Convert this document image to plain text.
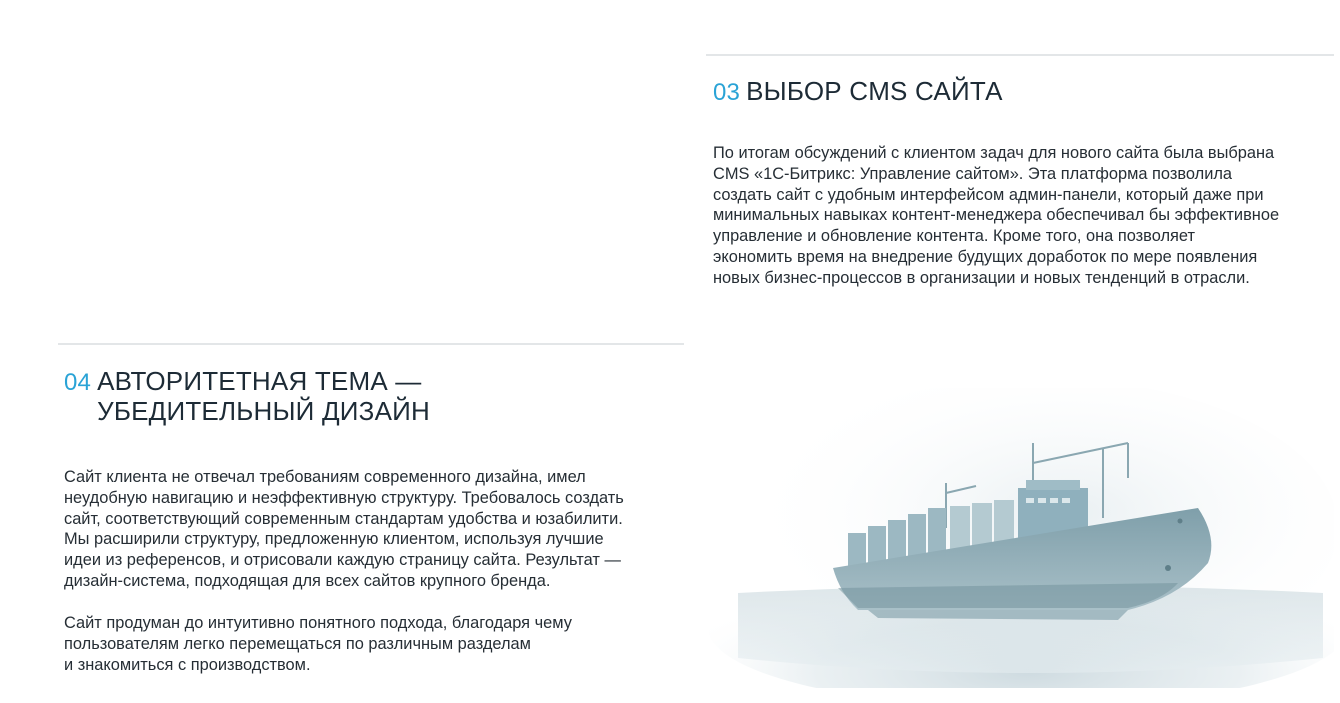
03 ВЫБОР CMS САЙТА

По итогам обсуждений с клиентом задач для нового сайта была выбрана
CMS «1С-Битрикс: Управление сайтом». Эта платформа позволила
создать сайт с удобным интерфейсом админ-панели, который даже при
минимальных навыках контент-менеджера обеспечивал бы эффективное
управление и обновление контента. Кроме того, она позволяет
экономить время на внедрение будущих доработок по мере появления
новых бизнес-процессов в организации и новых тенденций в отрасли.

04 АВТОРИТЕТНАЯ ТЕМА —
УБЕДИТЕЛЬНЫЙ ДИЗАЙН

Сайт клиента не отвечал требованиям современного дизайна, имел
неудобную навигацию и неэффективную структуру. Требовалось создать
сайт, соответствующий современным стандартам удобства и юзабилити.
Мы расширили структуру, предложенную клиентом, используя лучшие
идеи из референсов, и отрисовали каждую страницу сайта. Результат —
дизайн-система, подходящая для всех сайтов крупного бренда.

Сайт продуман до интуитивно понятного подхода, благодаря чему
пользователям легко перемещаться по различным разделам
и знакомиться с производством.
